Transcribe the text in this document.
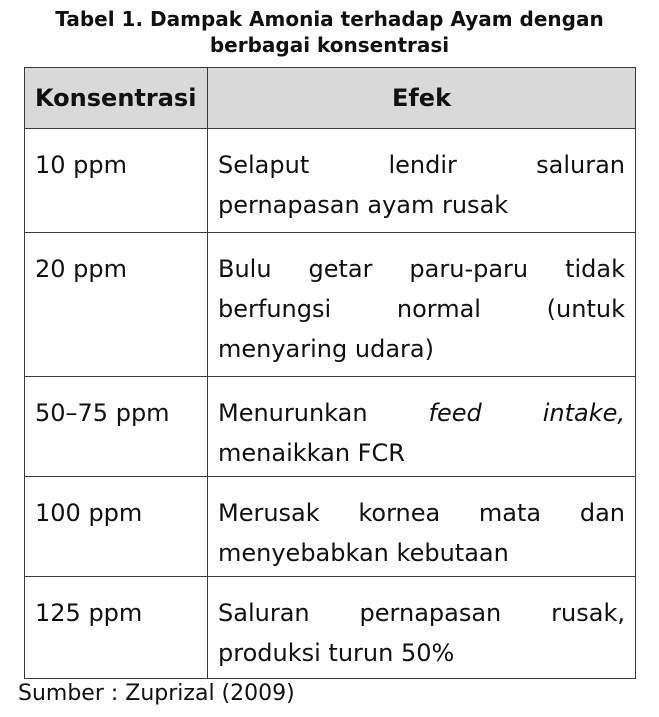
Tabel 1. Dampak Amonia terhadap Ayam dengan
berbagai konsentrasi
Konsentrasi	Efek
10 ppm	Selaput lendir saluran pernapasan ayam rusak
20 ppm	Bulu getar paru-paru tidak berfungsi normal (untuk menyaring udara)
50–75 ppm	Menurunkan feed intake, menaikkan FCR
100 ppm	Merusak kornea mata dan menyebabkan kebutaan
125 ppm	Saluran pernapasan rusak, produksi turun 50%
Sumber : Zuprizal (2009)
